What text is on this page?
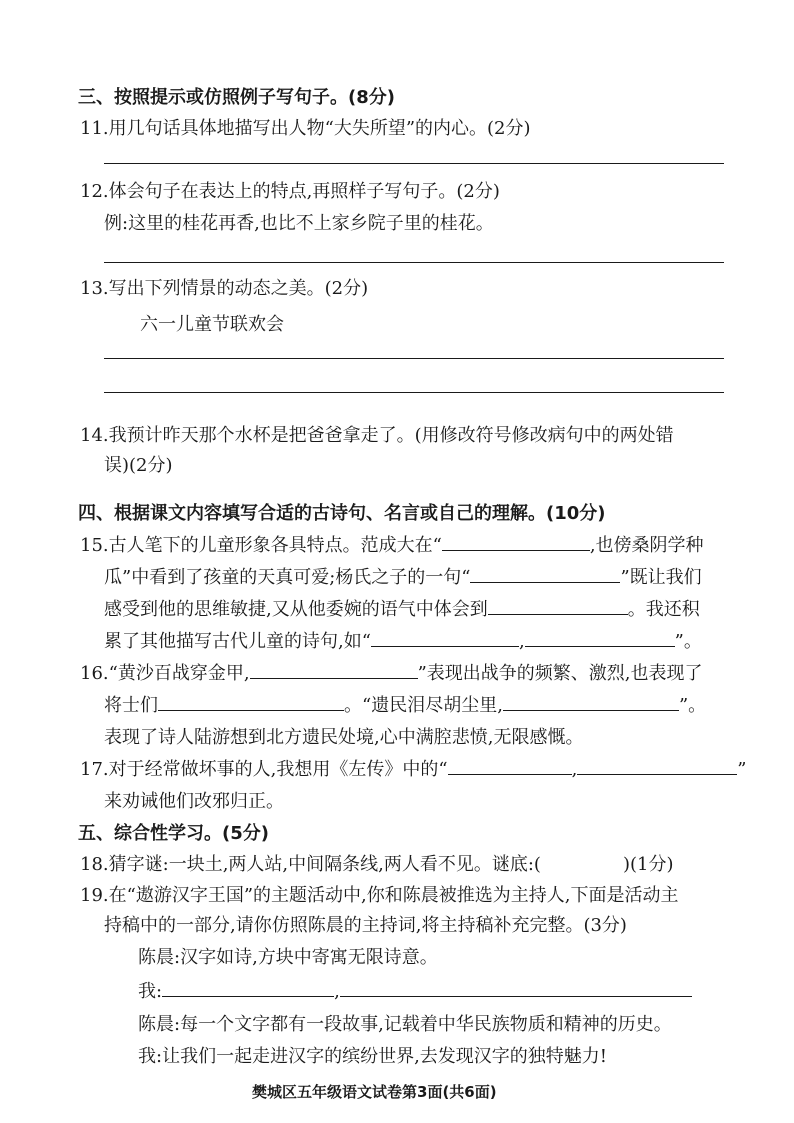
三、按照提示或仿照例子写句子。(8分)
11.用几句话具体地描写出人物“大失所望”的内心。(2分)
12.体会句子在表达上的特点,再照样子写句子。(2分)
例:这里的桂花再香,也比不上家乡院子里的桂花。
13.写出下列情景的动态之美。(2分)
六一儿童节联欢会
14.我预计昨天那个水杯是把爸爸拿走了。(用修改符号修改病句中的两处错
误)(2分)
四、根据课文内容填写合适的古诗句、名言或自己的理解。(10分)
15.古人笔下的儿童形象各具特点。范成大在“	,也傍桑阴学种
瓜”中看到了孩童的天真可爱;杨氏之子的一句“	”既让我们
感受到他的思维敏捷,又从他委婉的语气中体会到	。我还积
累了其他描写古代儿童的诗句,如“	,	”。
16.“黄沙百战穿金甲,	”表现出战争的频繁、激烈,也表现了
将士们	。“遗民泪尽胡尘里,	”。
表现了诗人陆游想到北方遗民处境,心中满腔悲愤,无限感慨。
17.对于经常做坏事的人,我想用《左传》中的“	,	”
来劝诫他们改邪归正。
五、综合性学习。(5分)
18.猜字谜:一块土,两人站,中间隔条线,两人看不见。谜底:(	)(1分)
19.在“遨游汉字王国”的主题活动中,你和陈晨被推选为主持人,下面是活动主
持稿中的一部分,请你仿照陈晨的主持词,将主持稿补充完整。(3分)
陈晨:汉字如诗,方块中寄寓无限诗意。
我:	,
陈晨:每一个文字都有一段故事,记载着中华民族物质和精神的历史。
我:让我们一起走进汉字的缤纷世界,去发现汉字的独特魅力!
樊城区五年级语文试卷第3面(共6面)
